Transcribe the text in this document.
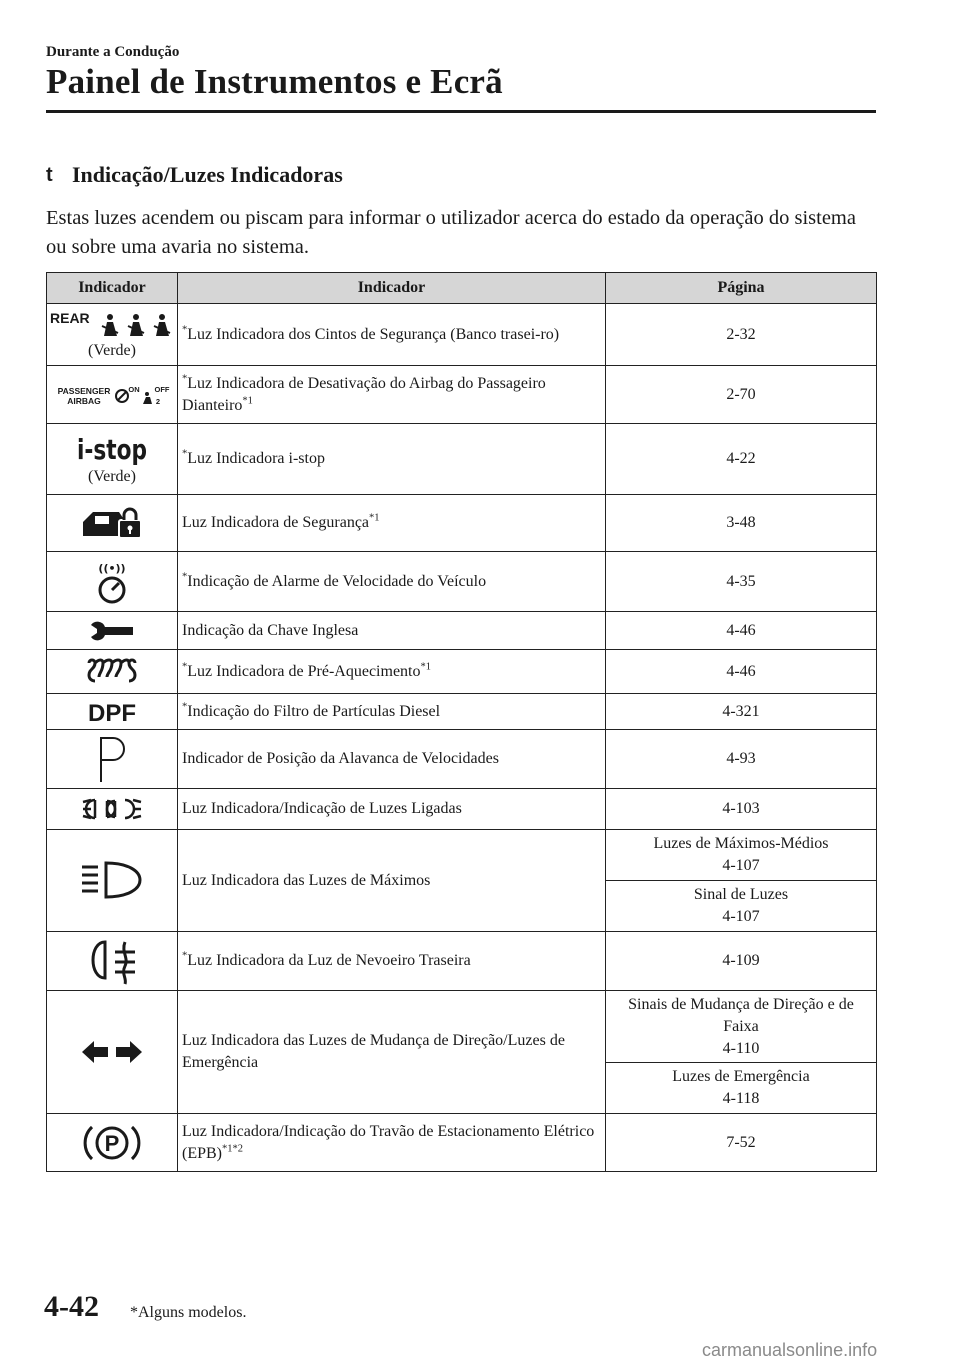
Durante a Condução
Painel de Instrumentos e Ecrã
t Indicação/Luzes Indicadoras
Estas luzes acendem ou piscam para informar o utilizador acerca do estado da operação do sistema ou sobre uma avaria no sistema.
Indicador	Indicador	Página

REAR
(Verde)	*Luz Indicadora dos Cintos de Segurança (Banco trasei-ro)	2-32

PASSENGER
AIRBAG
ON OFF
2	*Luz Indicadora de Desativação do Airbag do Passageiro Dianteiro$^{*1}$	2-70

i-stop
(Verde)	*Luz Indicadora i-stop	4-22
	Luz Indicadora de Segurança$^{*1}$	3-48

((•))	*Indicação de Alarme de Velocidade do Veículo	4-35
	Indicação da Chave Inglesa	4-46
	*Luz Indicadora de Pré-Aquecimento$^{*1}$	4-46

DPF	*Indicação do Filtro de Partículas Diesel	4-321
	Indicador de Posição da Alavanca de Velocidades	4-93
	Luz Indicadora/Indicação de Luzes Ligadas	4-103
	Luz Indicadora das Luzes de Máximos	Luzes de Máximos-Médios
4-107

		Sinal de Luzes
4-107

	*Luz Indicadora da Luz de Nevoeiro Traseira	4-109
	Luz Indicadora das Luzes de Mudança de Direção/Luzes de Emergência	Sinais de Mudança de Direção e de Faixa
4-110

		Luzes de Emergência
4-118

P	Luz Indicadora/Indicação do Travão de Estacionamento Elétrico (EPB)$^{*1*2}$	7-52
4-42 *Alguns modelos.
carmanualsonline.info
